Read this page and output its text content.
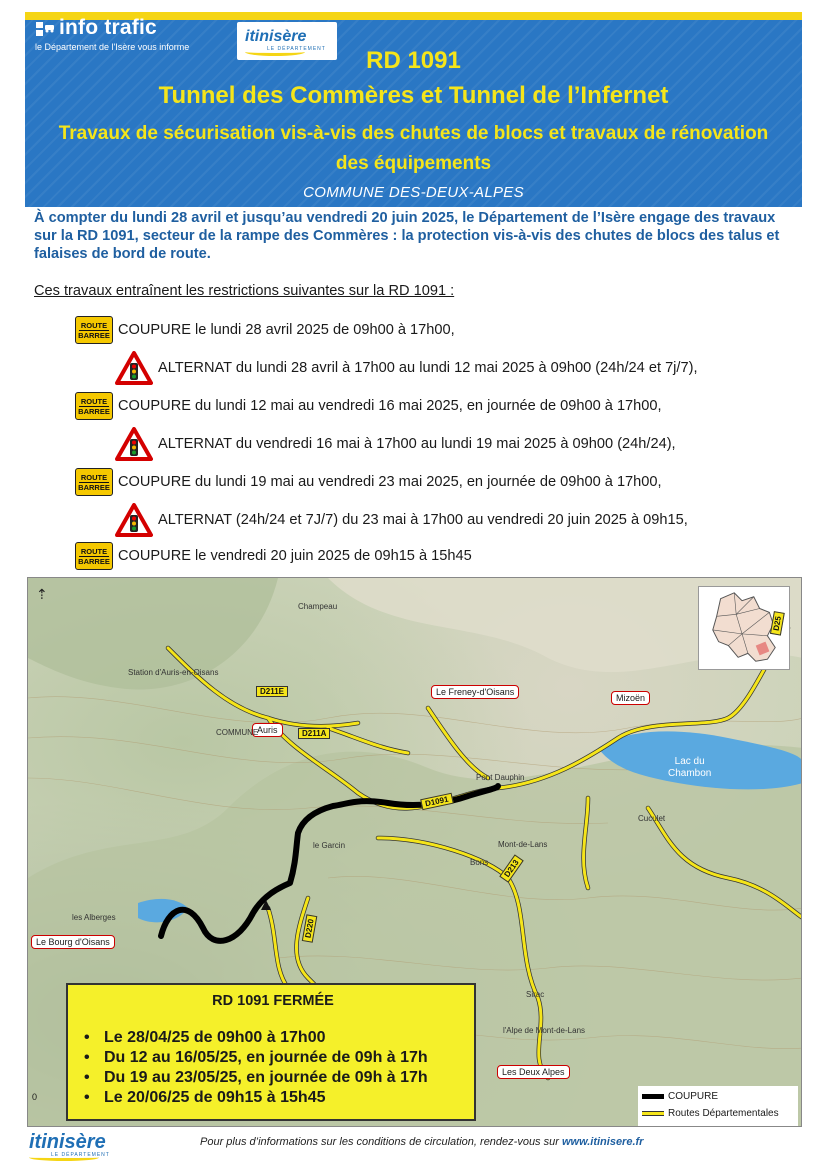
info trafic
le Département de l'Isère vous informe
itinisère
LE DÉPARTEMENT	RD 1091
Tunnel des Commères et Tunnel de l’Infernet
Travaux de sécurisation vis-à-vis des chutes de blocs et travaux de rénovation des équipements
COMMUNE DES-DEUX-ALPES

À compter du lundi 28 avril et jusqu’au vendredi 20 juin 2025, le Département de l’Isère engage des travaux sur la RD 1091, secteur de la rampe des Commères : la protection vis-à-vis des chutes de blocs des talus et falaises de bord de route.

Ces travaux entraînent les restrictions suivantes sur la RD 1091 :

ROUTE
BARREE COUPURE le lundi 28 avril 2025 de 09h00 à 17h00,
ALTERNAT du lundi 28 avril à 17h00 au lundi 12 mai 2025 à 09h00 (24h/24 et 7j/7),
ROUTE
BARREE COUPURE du lundi 12 mai au vendredi 16 mai 2025, en journée de 09h00 à 17h00,
ALTERNAT du vendredi 16 mai à 17h00 au lundi 19 mai 2025 à 09h00 (24h/24),
ROUTE
BARREE COUPURE du lundi 19 mai au vendredi 23 mai 2025, en journée de 09h00 à 17h00,
ALTERNAT (24h/24 et 7J/7) du 23 mai à 17h00 au vendredi 20 juin 2025 à 09h15,
ROUTE
BARREE COUPURE le vendredi 20 juin 2025 de 09h15 à 15h45
⇡
Auris
Le Freney-d'Oisans
Mizoën
Le Bourg d'Oisans
Les Deux Alpes
D211E
D211A
D1091
D213
D220
D25
Station d'Auris-en-Oisans
COMMUNE
Lac du
Chambon
Bons
Mont-de-Lans
Cuculet
l'Alpe de Mont-de-Lans
Sirac
Champeau
Pont Dauphin
les Alberges
le Garcin
RD 1091 FERMÉE
• Le 28/04/25 de 09h00 à 17h00
• Du 12 au 16/05/25, en journée de 09h à 17h
• Du 19 au 23/05/25, en journée de 09h à 17h
• Le 20/06/25 de 09h15 à 15h45
0	COUPURE
Routes Départementales
itinisère
LE DÉPARTEMENT
Pour plus d’informations sur les conditions de circulation, rendez-vous sur www.itinisere.fr
